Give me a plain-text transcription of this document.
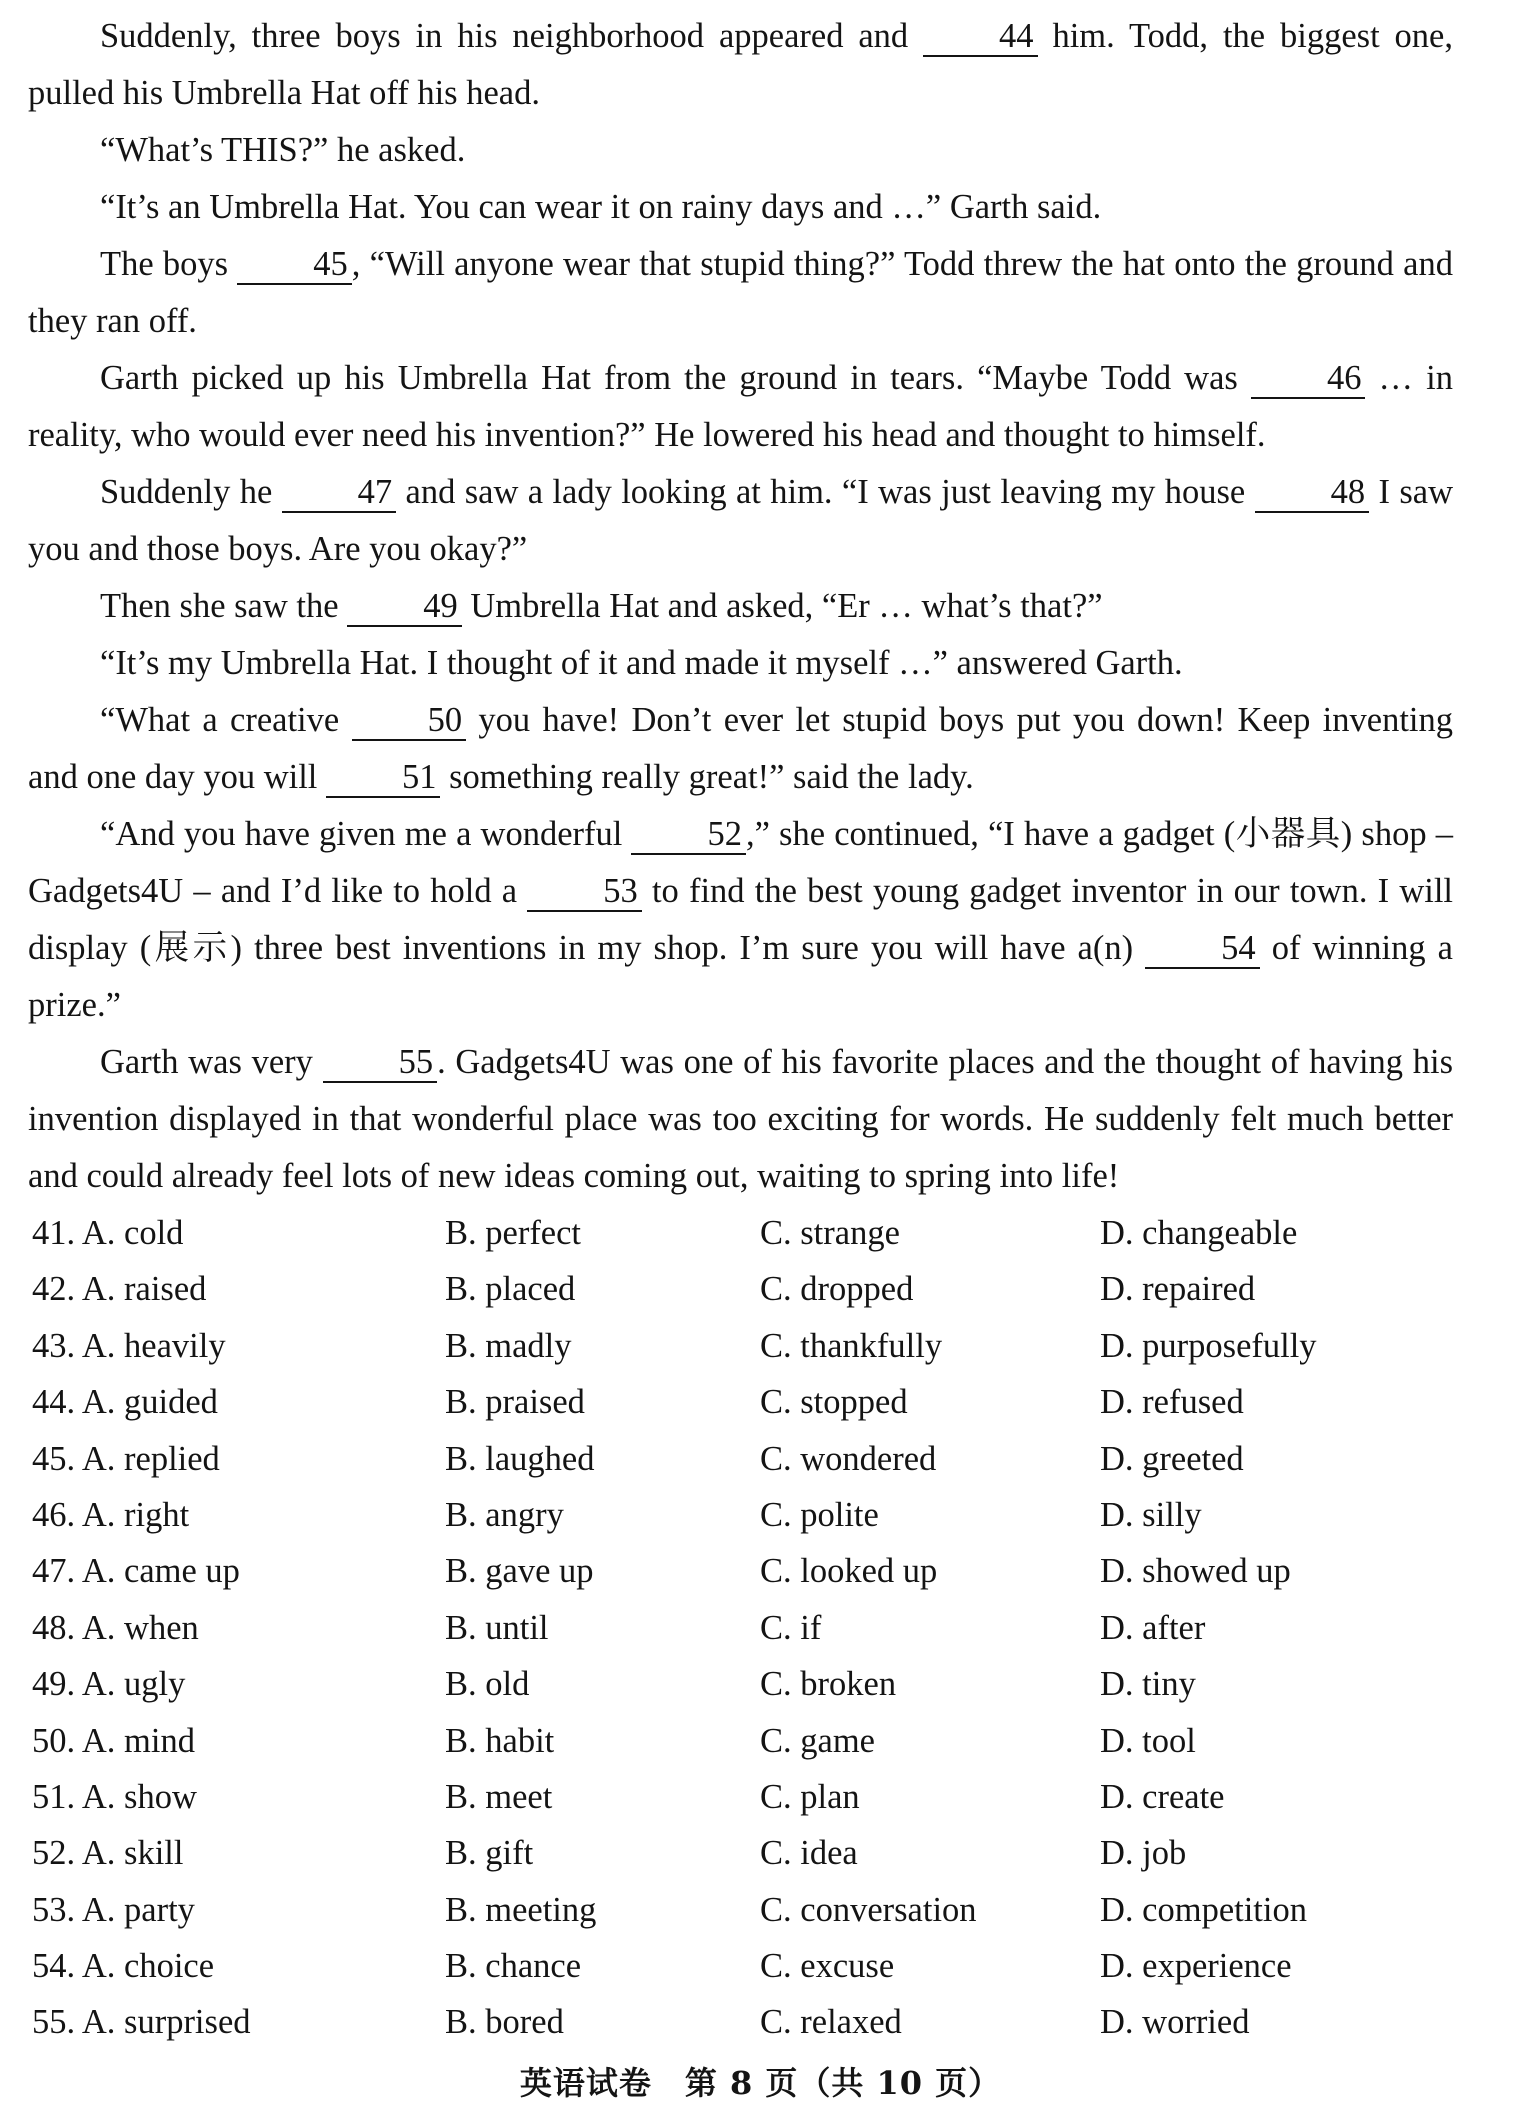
Suddenly, three boys in his neighborhood appeared and 44 him. Todd, the biggest one, pulled his Umbrella Hat off his head.

“What’s THIS?” he asked.

“It’s an Umbrella Hat. You can wear it on rainy days and …” Garth said.

The boys 45 , “Will anyone wear that stupid thing?” Todd threw the hat onto the ground and they ran off.

Garth picked up his Umbrella Hat from the ground in tears. “Maybe Todd was 46 … in reality, who would ever need his invention?” He lowered his head and thought to himself.

Suddenly he 47 and saw a lady looking at him. “I was just leaving my house 48 I saw you and those boys. Are you okay?”

Then she saw the 49 Umbrella Hat and asked, “Er … what’s that?”

“It’s my Umbrella Hat. I thought of it and made it myself …” answered Garth.

“What a creative 50 you have! Don’t ever let stupid boys put you down! Keep inventing and one day you will 51 something really great!” said the lady.

“And you have given me a wonderful 52 ,” she continued, “I have a gadget (小器具) shop – Gadgets4U – and I’d like to hold a 53 to find the best young gadget inventor in our town. I will display (展示) three best inventions in my shop. I’m sure you will have a(n) 54 of winning a prize.”

Garth was very 55 . Gadgets4U was one of his favorite places and the thought of having his invention displayed in that wonderful place was too exciting for words. He suddenly felt much better and could already feel lots of new ideas coming out, waiting to spring into life!

41. A. cold	B. perfect	C. strange	D. changeable
42. A. raised	B. placed	C. dropped	D. repaired
43. A. heavily	B. madly	C. thankfully	D. purposefully
44. A. guided	B. praised	C. stopped	D. refused
45. A. replied	B. laughed	C. wondered	D. greeted
46. A. right	B. angry	C. polite	D. silly
47. A. came up	B. gave up	C. looked up	D. showed up
48. A. when	B. until	C. if	D. after
49. A. ugly	B. old	C. broken	D. tiny
50. A. mind	B. habit	C. game	D. tool
51. A. show	B. meet	C. plan	D. create
52. A. skill	B. gift	C. idea	D. job
53. A. party	B. meeting	C. conversation	D. competition
54. A. choice	B. chance	C. excuse	D. experience
55. A. surprised	B. bored	C. relaxed	D. worried
英语试卷　第 8 页（共 10 页）
